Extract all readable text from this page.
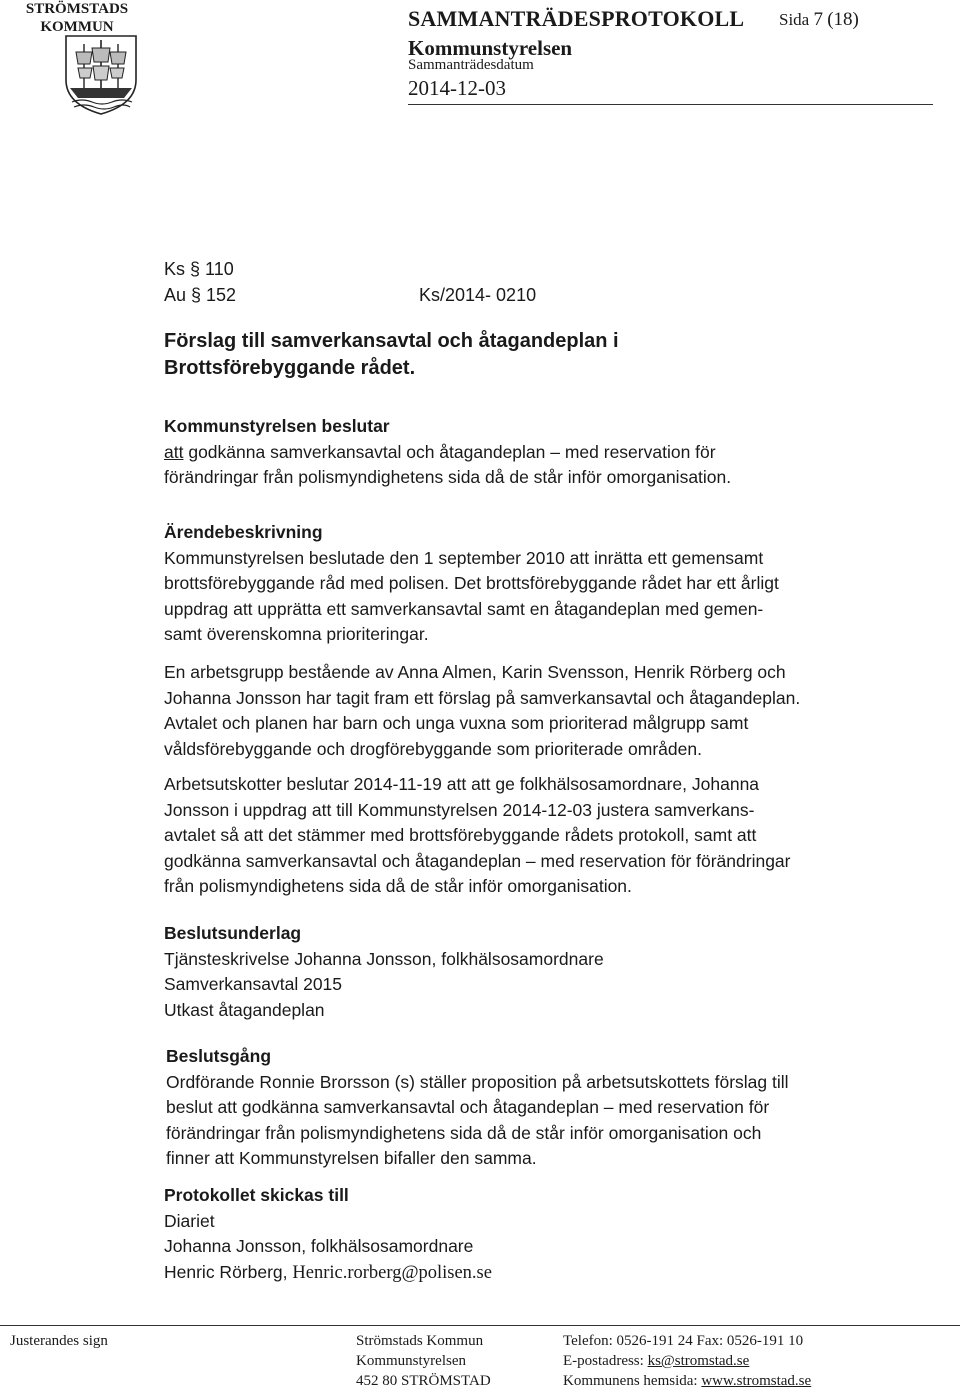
STRÖMSTADS
KOMMUN	SAMMANTRÄDESPROTOKOLL Sida 7 (18)
Kommunstyrelsen
Sammanträdesdatum
2014-12-03
Ks § 110
Au § 152	Ks/2014- 0210
Förslag till samverkansavtal och åtagandeplan i
Brottsförebyggande rådet.
Kommunstyrelsen beslutar
att godkänna samverkansavtal och åtagandeplan – med reservation för
förändringar från polismyndighetens sida då de står inför omorganisation.
Ärendebeskrivning
Kommunstyrelsen beslutade den 1 september 2010 att inrätta ett gemensamt
brottsförebyggande råd med polisen. Det brottsförebyggande rådet har ett årligt
uppdrag att upprätta ett samverkansavtal samt en åtagandeplan med gemen-
samt överenskomna prioriteringar.
En arbetsgrupp bestående av Anna Almen, Karin Svensson, Henrik Rörberg och
Johanna Jonsson har tagit fram ett förslag på samverkansavtal och åtagandeplan.
Avtalet och planen har barn och unga vuxna som prioriterad målgrupp samt
våldsförebyggande och drogförebyggande som prioriterade områden.
Arbetsutskotter beslutar 2014-11-19 att att ge folkhälsosamordnare, Johanna
Jonsson i uppdrag att till Kommunstyrelsen 2014-12-03 justera samverkans-
avtalet så att det stämmer med brottsförebyggande rådets protokoll, samt att
godkänna samverkansavtal och åtagandeplan – med reservation för förändringar
från polismyndighetens sida då de står inför omorganisation.
Beslutsunderlag
Tjänsteskrivelse Johanna Jonsson, folkhälsosamordnare
Samverkansavtal 2015
Utkast åtagandeplan
Beslutsgång
Ordförande Ronnie Brorsson (s) ställer proposition på arbetsutskottets förslag till
beslut att godkänna samverkansavtal och åtagandeplan – med reservation för
förändringar från polismyndighetens sida då de står inför omorganisation och
finner att Kommunstyrelsen bifaller den samma.
Protokollet skickas till
Diariet
Johanna Jonsson, folkhälsosamordnare
Henric Rörberg, Henric.rorberg@polisen.se
Justerandes sign	Strömstads Kommun
Kommunstyrelsen
452 80 STRÖMSTAD
Telefon: 0526-191 24 Fax: 0526-191 10
E-postadress: ks@stromstad.se
Kommunens hemsida: www.stromstad.se
